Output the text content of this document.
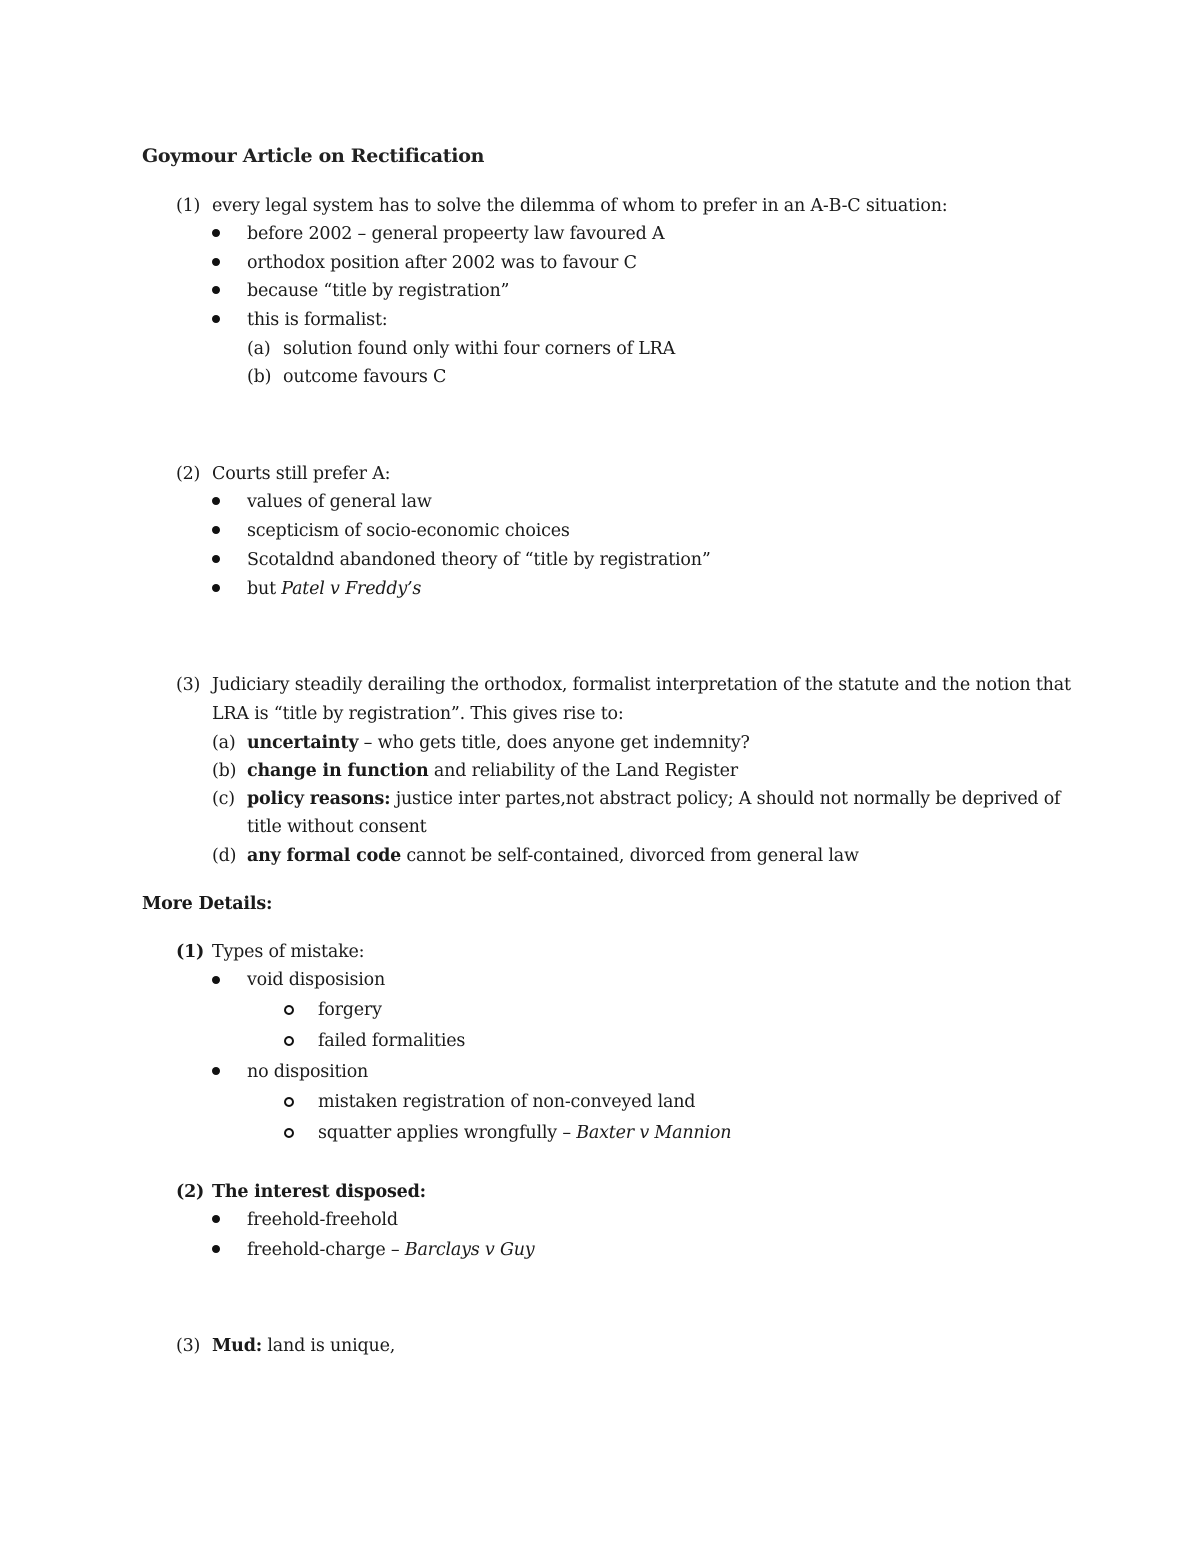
Goymour Article on Rectification
(1) every legal system has to solve the dilemma of whom to prefer in an A-B-C situation:
before 2002 – general propeerty law favoured A
orthodox position after 2002 was to favour C
because “title by registration”
this is formalist:
(a) solution found only withi four corners of LRA
(b) outcome favours C
(2) Courts still prefer A:
values of general law
scepticism of socio-economic choices
Scotaldnd abandoned theory of “title by registration”
but Patel v Freddy’s
(3) Judiciary steadily derailing the orthodox, formalist interpretation of the statute and the notion that
LRA is “title by registration”. This gives rise to:
(a) uncertainty – who gets title, does anyone get indemnity?
(b) change in function and reliability of the Land Register
(c) policy reasons: justice inter partes,not abstract policy; A should not normally be deprived of
title without consent
(d) any formal code cannot be self-contained, divorced from general law
More Details:
(1) Types of mistake:
void disposision
forgery
failed formalities
no disposition
mistaken registration of non-conveyed land
squatter applies wrongfully – Baxter v Mannion
(2) The interest disposed:
freehold-freehold
freehold-charge – Barclays v Guy
(3) Mud: land is unique,
